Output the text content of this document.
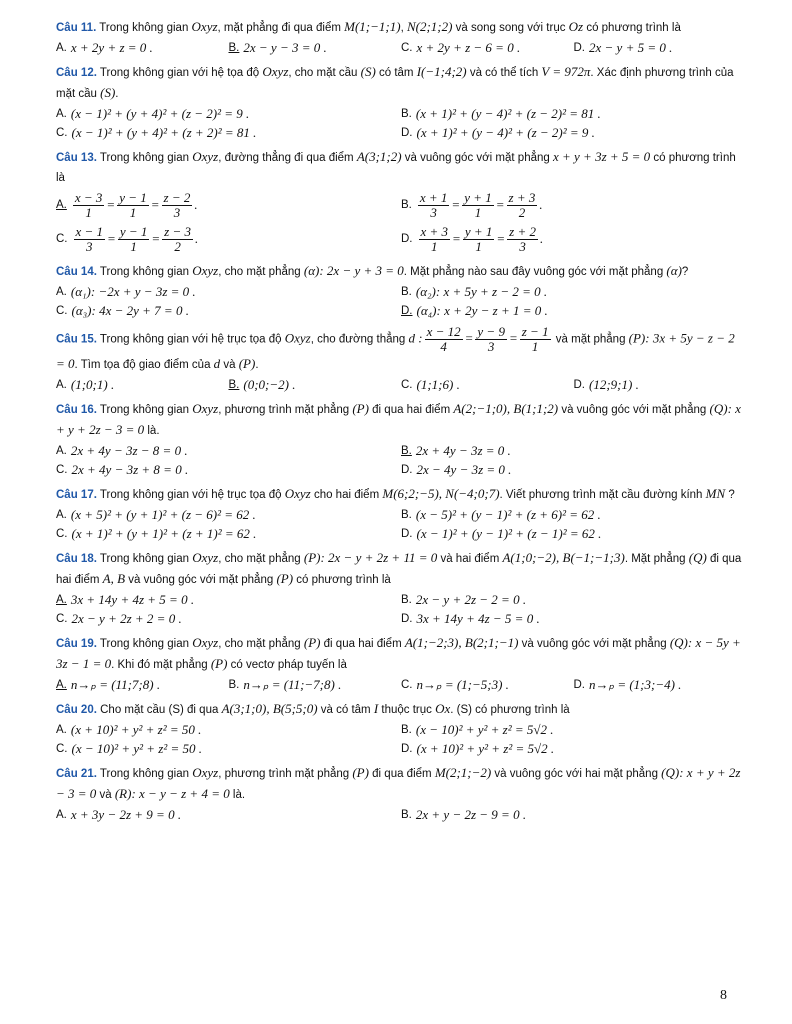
Câu 11. Trong không gian Oxyz, mặt phẳng đi qua điểm M(1;−1;1), N(2;1;2) và song song với trục Oz có phương trình là
A. x + 2y + z = 0 .	B. 2x − y − 3 = 0 .	C. x + 2y + z − 6 = 0 .	D. 2x − y + 5 = 0 .
Câu 12. Trong không gian với hệ tọa độ Oxyz, cho mặt cầu (S) có tâm I(−1;4;2) và có thể tích V = 972π. Xác định phương trình của mặt cầu (S).
A. (x − 1)² + (y + 4)² + (z − 2)² = 9 .	B. (x + 1)² + (y − 4)² + (z − 2)² = 81 .
C. (x − 1)² + (y + 4)² + (z + 2)² = 81 .	D. (x + 1)² + (y − 4)² + (z − 2)² = 9 .
Câu 13. Trong không gian Oxyz, đường thẳng đi qua điểm A(3;1;2) và vuông góc với mặt phẳng x + y + 3z + 5 = 0 có phương trình là
A. $\frac{x - 3}{1} = \frac{y - 1}{1} = \frac{z - 2}{3}$ .	B. $\frac{x + 1}{3} = \frac{y + 1}{1} = \frac{z + 3}{2}$ .
C. $\frac{x - 1}{3} = \frac{y - 1}{1} = \frac{z - 3}{2}$ .	D. $\frac{x + 3}{1} = \frac{y + 1}{1} = \frac{z + 2}{3}$ .
Câu 14. Trong không gian Oxyz, cho mặt phẳng (α): 2x − y + 3 = 0. Mặt phẳng nào sau đây vuông góc với mặt phẳng (α)?
A. (α₁): −2x + y − 3z = 0 .	B. (α₂): x + 5y + z − 2 = 0 .
C. (α₃): 4x − 2y + 7 = 0 .	D. (α₄): x + 2y − z + 1 = 0 .
Câu 15. Trong không gian với hệ trục tọa độ Oxyz, cho đường thẳng d : $\frac{x - 12}{4} = \frac{y - 9}{3} = \frac{z - 1}{1}$ và mặt phẳng (P): 3x + 5y − z − 2 = 0. Tìm tọa độ giao điểm của d và (P).
A. (1;0;1) .	B. (0;0;−2) .	C. (1;1;6) .	D. (12;9;1) .
Câu 16. Trong không gian Oxyz, phương trình mặt phẳng (P) đi qua hai điểm A(2;−1;0), B(1;1;2) và vuông góc với mặt phẳng (Q): x + y + 2z − 3 = 0 là.
A. 2x + 4y − 3z − 8 = 0 .	B. 2x + 4y − 3z = 0 .
C. 2x + 4y − 3z + 8 = 0 .	D. 2x − 4y − 3z = 0 .
Câu 17. Trong không gian với hệ trục tọa độ Oxyz cho hai điểm M(6;2;−5), N(−4;0;7). Viết phương trình mặt cầu đường kính MN ?
A. (x + 5)² + (y + 1)² + (z − 6)² = 62 .	B. (x − 5)² + (y − 1)² + (z + 6)² = 62 .
C. (x + 1)² + (y + 1)² + (z + 1)² = 62 .	D. (x − 1)² + (y − 1)² + (z − 1)² = 62 .
Câu 18. Trong không gian Oxyz, cho mặt phẳng (P): 2x − y + 2z + 11 = 0 và hai điểm A(1;0;−2), B(−1;−1;3). Mặt phẳng (Q) đi qua hai điểm A, B và vuông góc với mặt phẳng (P) có phương trình là
A. 3x + 14y + 4z + 5 = 0 .	B. 2x − y + 2z − 2 = 0 .
C. 2x − y + 2z + 2 = 0 .	D. 3x + 14y + 4z − 5 = 0 .
Câu 19. Trong không gian Oxyz, cho mặt phẳng (P) đi qua hai điểm A(1;−2;3), B(2;1;−1) và vuông góc với mặt phẳng (Q): x − 5y + 3z − 1 = 0. Khi đó mặt phẳng (P) có vectơ pháp tuyến là
A. n→ₚ = (11;7;8) .	B. n→ₚ = (11;−7;8) .	C. n→ₚ = (1;−5;3) .	D. n→ₚ = (1;3;−4) .
Câu 20. Cho mặt cầu (S) đi qua A(3;1;0), B(5;5;0) và có tâm I thuộc trục Ox. (S) có phương trình là
A. (x + 10)² + y² + z² = 50 .	B. (x − 10)² + y² + z² = 5√2 .
C. (x − 10)² + y² + z² = 50 .	D. (x + 10)² + y² + z² = 5√2 .
Câu 21. Trong không gian Oxyz, phương trình mặt phẳng (P) đi qua điểm M(2;1;−2) và vuông góc với hai mặt phẳng (Q): x + y + 2z − 3 = 0 và (R): x − y − z + 4 = 0 là.
A. x + 3y − 2z + 9 = 0 .	B. 2x + y − 2z − 9 = 0 .
8
